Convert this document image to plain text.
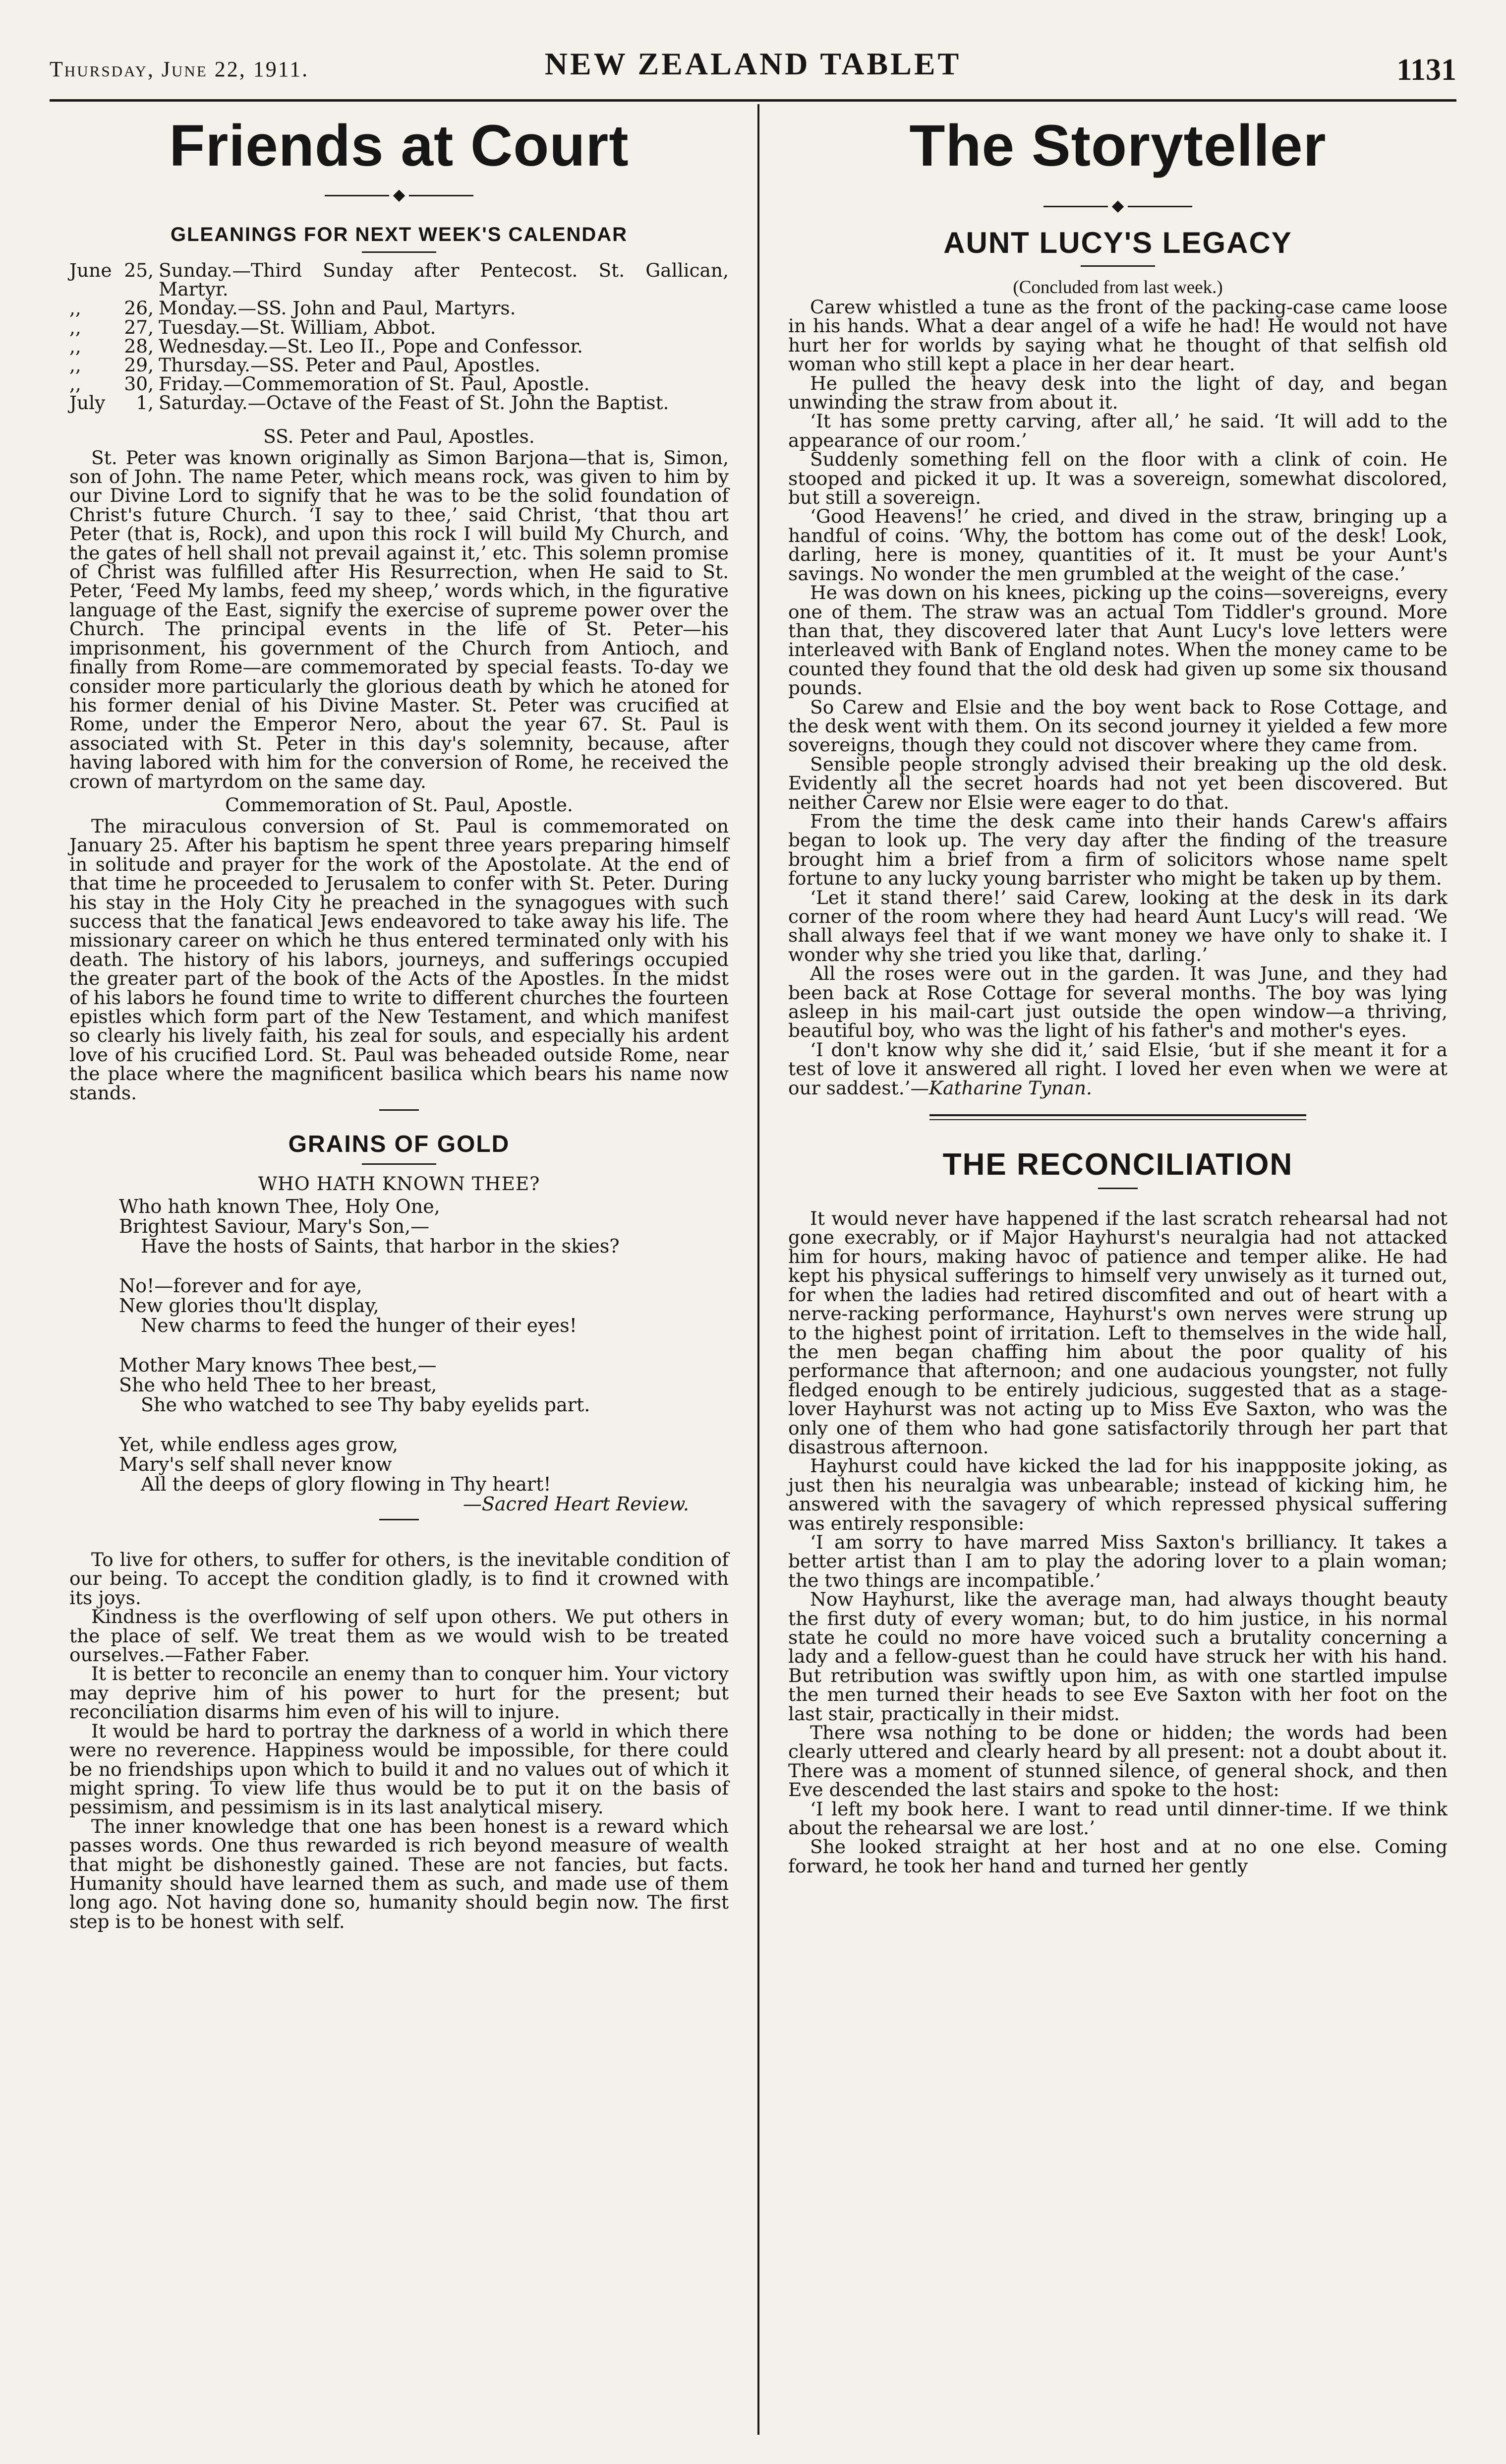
Thursday, June 22, 1911.	NEW ZEALAND TABLET	1131
Friends at Court
◆
GLEANINGS FOR NEXT WEEK'S CALENDAR
June 25, Sunday.—Third Sunday after Pentecost. St. Gallican, Martyr.
,,	26, Monday.—SS. John and Paul, Martyrs.
,,	27, Tuesday.—St. William, Abbot.
,,	28, Wednesday.—St. Leo II., Pope and Confessor.
,,	29, Thursday.—SS. Peter and Paul, Apostles.
,,	30, Friday.—Commemoration of St. Paul, Apostle.
July	1, Saturday.—Octave of the Feast of St. John the Baptist.
SS. Peter and Paul, Apostles.

St. Peter was known originally as Simon Barjona—that is, Simon, son of John. The name Peter, which means rock, was given to him by our Divine Lord to signify that he was to be the solid foundation of Christ's future Church. ‘I say to thee,’ said Christ, ‘that thou art Peter (that is, Rock), and upon this rock I will build My Church, and the gates of hell shall not prevail against it,’ etc. This solemn promise of Christ was fulfilled after His Resurrection, when He said to St. Peter, ‘Feed My lambs, feed my sheep,’ words which, in the figurative language of the East, signify the exercise of supreme power over the Church. The principal events in the life of St. Peter—his imprisonment, his government of the Church from Antioch, and finally from Rome—are commemorated by special feasts. To-day we consider more particularly the glorious death by which he atoned for his former denial of his Divine Master. St. Peter was crucified at Rome, under the Emperor Nero, about the year 67. St. Paul is associated with St. Peter in this day's solemnity, because, after having labored with him for the conversion of Rome, he received the crown of martyrdom on the same day.

Commemoration of St. Paul, Apostle.

The miraculous conversion of St. Paul is commemorated on January 25. After his baptism he spent three years preparing himself in solitude and prayer for the work of the Apostolate. At the end of that time he proceeded to Jerusalem to confer with St. Peter. During his stay in the Holy City he preached in the synagogues with such success that the fanatical Jews endeavored to take away his life. The missionary career on which he thus entered terminated only with his death. The history of his labors, journeys, and sufferings occupied the greater part of the book of the Acts of the Apostles. In the midst of his labors he found time to write to different churches the fourteen epistles which form part of the New Testament, and which manifest so clearly his lively faith, his zeal for souls, and especially his ardent love of his crucified Lord. St. Paul was beheaded outside Rome, near the place where the magnificent basilica which bears his name now stands.

GRAINS OF GOLD
WHO HATH KNOWN THEE?
Who hath known Thee, Holy One,
Brightest Saviour, Mary's Son,—
Have the hosts of Saints, that harbor in the skies?
No!—forever and for aye,
New glories thou'lt display,
New charms to feed the hunger of their eyes!
Mother Mary knows Thee best,—
She who held Thee to her breast,
She who watched to see Thy baby eyelids part.
Yet, while endless ages grow,
Mary's self shall never know
All the deeps of glory flowing in Thy heart!
—Sacred Heart Review.

To live for others, to suffer for others, is the inevitable condition of our being. To accept the condition gladly, is to find it crowned with its joys.

Kindness is the overflowing of self upon others. We put others in the place of self. We treat them as we would wish to be treated ourselves.—Father Faber.

It is better to reconcile an enemy than to conquer him. Your victory may deprive him of his power to hurt for the present; but reconciliation disarms him even of his will to injure.

It would be hard to portray the darkness of a world in which there were no reverence. Happiness would be impossible, for there could be no friendships upon which to build it and no values out of which it might spring. To view life thus would be to put it on the basis of pessimism, and pessimism is in its last analytical misery.

The inner knowledge that one has been honest is a reward which passes words. One thus rewarded is rich beyond measure of wealth that might be dishonestly gained. These are not fancies, but facts. Humanity should have learned them as such, and made use of them long ago. Not having done so, humanity should begin now. The first step is to be honest with self.

The Storyteller
◆
AUNT LUCY'S LEGACY
(Concluded from last week.)

Carew whistled a tune as the front of the packing-case came loose in his hands. What a dear angel of a wife he had! He would not have hurt her for worlds by saying what he thought of that selfish old woman who still kept a place in her dear heart.

He pulled the heavy desk into the light of day, and began unwinding the straw from about it.

‘It has some pretty carving, after all,’ he said. ‘It will add to the appearance of our room.’

Suddenly something fell on the floor with a clink of coin. He stooped and picked it up. It was a sovereign, somewhat discolored, but still a sovereign.

‘Good Heavens!’ he cried, and dived in the straw, bringing up a handful of coins. ‘Why, the bottom has come out of the desk! Look, darling, here is money, quantities of it. It must be your Aunt's savings. No wonder the men grumbled at the weight of the case.’

He was down on his knees, picking up the coins—sovereigns, every one of them. The straw was an actual Tom Tiddler's ground. More than that, they discovered later that Aunt Lucy's love letters were interleaved with Bank of England notes. When the money came to be counted they found that the old desk had given up some six thousand pounds.

So Carew and Elsie and the boy went back to Rose Cottage, and the desk went with them. On its second journey it yielded a few more sovereigns, though they could not discover where they came from.

Sensible people strongly advised their breaking up the old desk. Evidently all the secret hoards had not yet been discovered. But neither Carew nor Elsie were eager to do that.

From the time the desk came into their hands Carew's affairs began to look up. The very day after the finding of the treasure brought him a brief from a firm of solicitors whose name spelt fortune to any lucky young barrister who might be taken up by them.

‘Let it stand there!’ said Carew, looking at the desk in its dark corner of the room where they had heard Aunt Lucy's will read. ‘We shall always feel that if we want money we have only to shake it. I wonder why she tried you like that, darling.’

All the roses were out in the garden. It was June, and they had been back at Rose Cottage for several months. The boy was lying asleep in his mail-cart just outside the open window—a thriving, beautiful boy, who was the light of his father's and mother's eyes.

‘I don't know why she did it,’ said Elsie, ‘but if she meant it for a test of love it answered all right. I loved her even when we were at our saddest.’—Katharine Tynan.

THE RECONCILIATION

It would never have happened if the last scratch rehearsal had not gone execrably, or if Major Hayhurst's neuralgia had not attacked him for hours, making havoc of patience and temper alike. He had kept his physical sufferings to himself very unwisely as it turned out, for when the ladies had retired discomfited and out of heart with a nerve-racking performance, Hayhurst's own nerves were strung up to the highest point of irritation. Left to themselves in the wide hall, the men began chaffing him about the poor quality of his performance that afternoon; and one audacious youngster, not fully fledged enough to be entirely judicious, suggested that as a stage-lover Hayhurst was not acting up to Miss Eve Saxton, who was the only one of them who had gone satisfactorily through her part that disastrous afternoon.

Hayhurst could have kicked the lad for his inappposite joking, as just then his neuralgia was unbearable; instead of kicking him, he answered with the savagery of which repressed physical suffering was entirely responsible:

‘I am sorry to have marred Miss Saxton's brilliancy. It takes a better artist than I am to play the adoring lover to a plain woman; the two things are incompatible.’

Now Hayhurst, like the average man, had always thought beauty the first duty of every woman; but, to do him justice, in his normal state he could no more have voiced such a brutality concerning a lady and a fellow-guest than he could have struck her with his hand. But retribution was swiftly upon him, as with one startled impulse the men turned their heads to see Eve Saxton with her foot on the last stair, practically in their midst.

There wsa nothing to be done or hidden; the words had been clearly uttered and clearly heard by all present: not a doubt about it. There was a moment of stunned silence, of general shock, and then Eve descended the last stairs and spoke to the host:

‘I left my book here. I want to read until dinner-time. If we think about the rehearsal we are lost.’

She looked straight at her host and at no one else. Coming forward, he took her hand and turned her gently
